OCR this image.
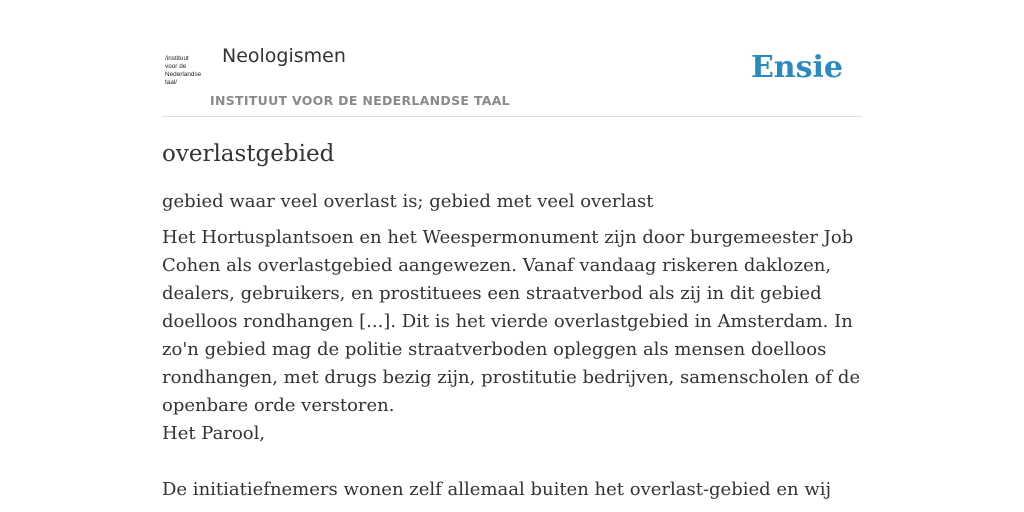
/instituut
voor de
Nederlandse
taal/
Neologismen
INSTITUUT VOOR DE NEDERLANDSE TAAL
Ensie
overlastgebied

gebied waar veel overlast is; gebied met veel overlast

Het Hortusplantsoen en het Weespermonument zijn door burgemeester Job Cohen als overlastgebied aangewezen. Vanaf vandaag riskeren daklozen, dealers, gebruikers, en prostituees een straatverbod als zij in dit gebied doelloos rondhangen [...]. Dit is het vierde overlastgebied in Amsterdam. In zo'n gebied mag de politie straatverboden opleggen als mensen doelloos rondhangen, met drugs bezig zijn, prostitutie bedrijven, samenscholen of de openbare orde verstoren.
Het Parool,

De initiatiefnemers wonen zelf allemaal buiten het overlast-gebied en wij
